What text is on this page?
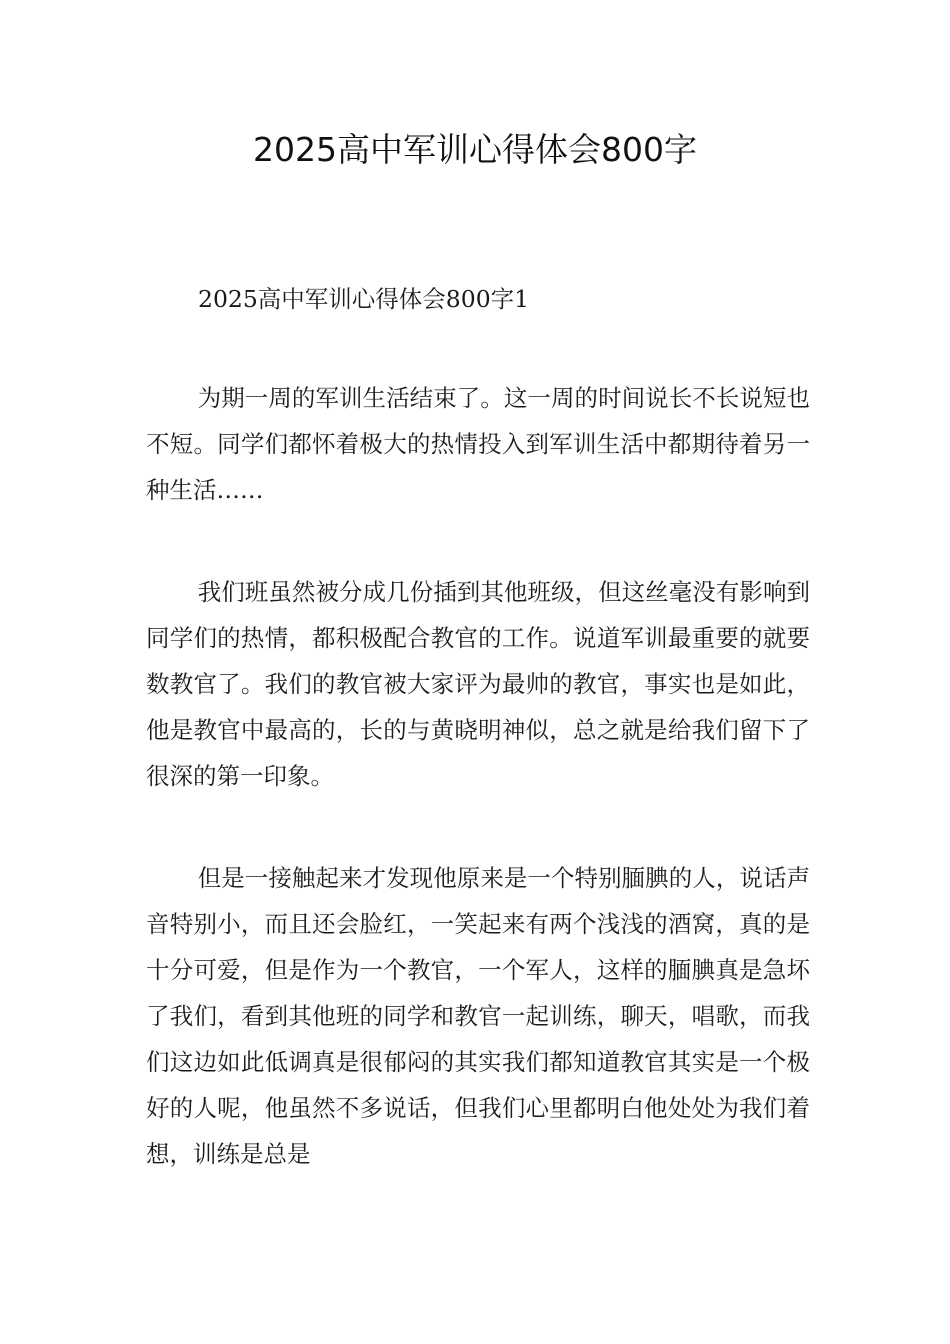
2025高中军训心得体会800字

2025高中军训心得体会800字1

为期一周的军训生活结束了。这一周的时间说长不长说短也不短。同学们都怀着极大的热情投入到军训生活中都期待着另一种生活……

我们班虽然被分成几份插到其他班级，但这丝毫没有影响到同学们的热情，都积极配合教官的工作。说道军训最重要的就要数教官了。我们的教官被大家评为最帅的教官，事实也是如此，他是教官中最高的，长的与黄晓明神似，总之就是给我们留下了很深的第一印象。

但是一接触起来才发现他原来是一个特别腼腆的人，说话声音特别小，而且还会脸红，一笑起来有两个浅浅的酒窝，真的是十分可爱，但是作为一个教官，一个军人，这样的腼腆真是急坏了我们，看到其他班的同学和教官一起训练，聊天，唱歌，而我们这边如此低调真是很郁闷的其实我们都知道教官其实是一个极好的人呢，他虽然不多说话，但我们心里都明白他处处为我们着想，训练是总是
